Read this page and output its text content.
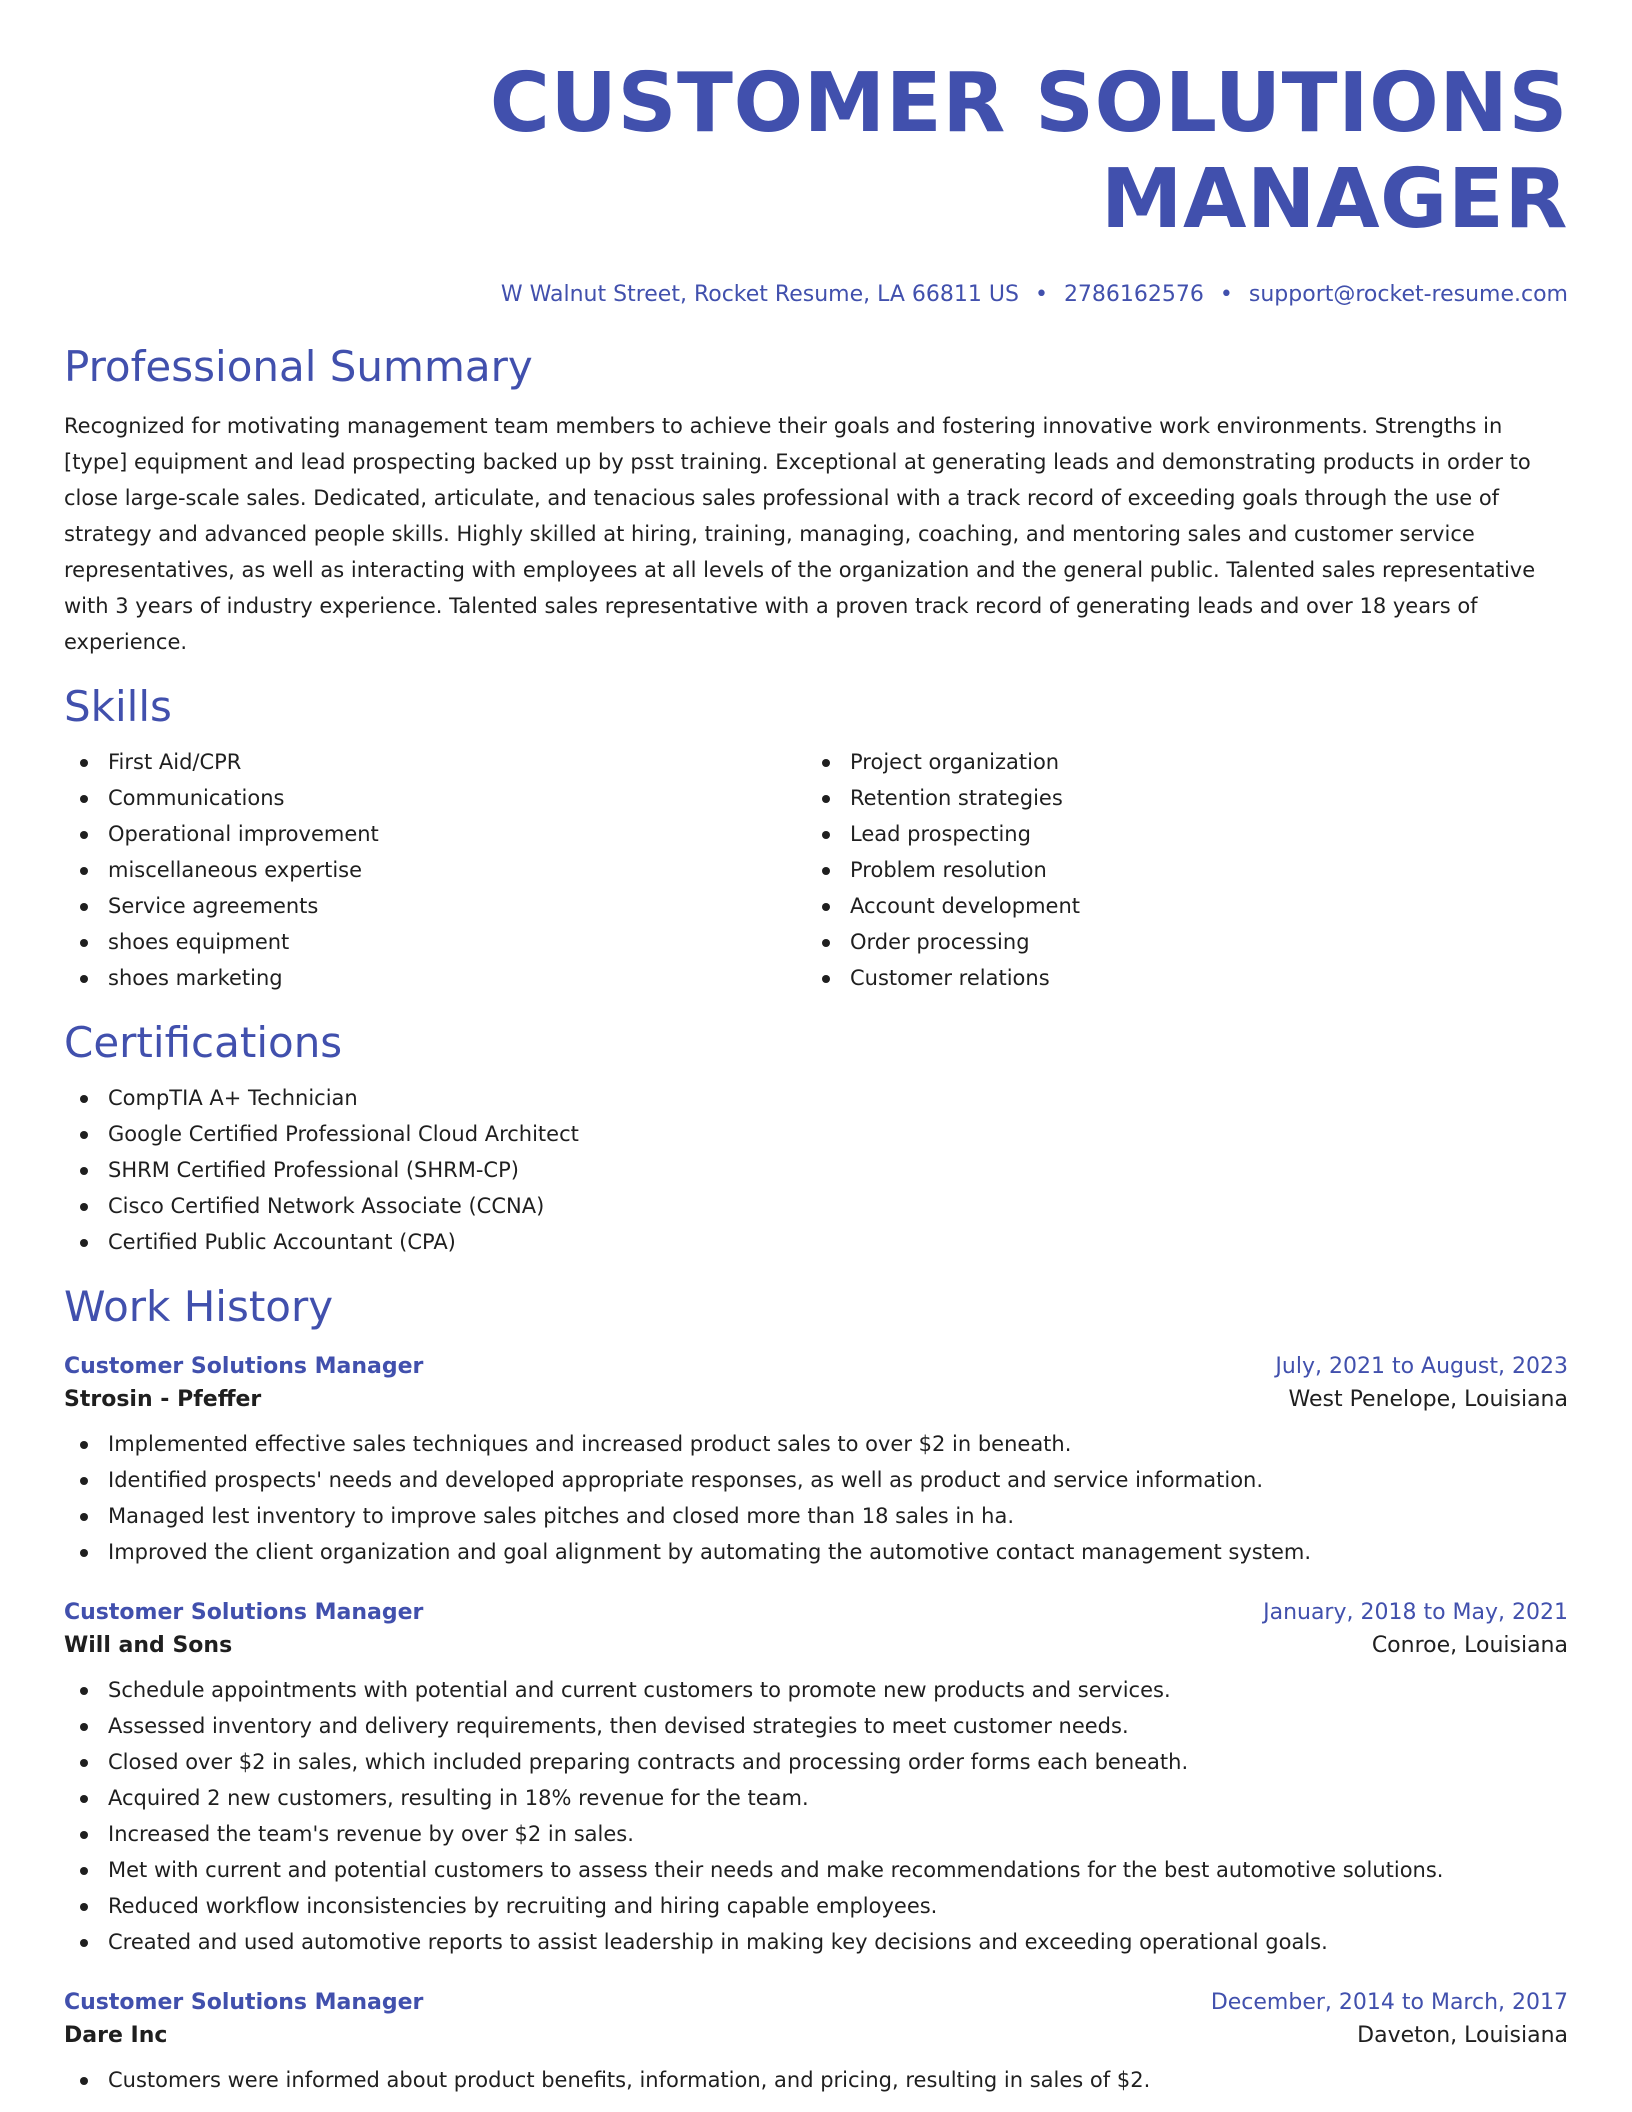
CUSTOMER SOLUTIONS MANAGER
W Walnut Street, Rocket Resume, LA 66811 US • 2786162576 • support@rocket-resume.com
Professional Summary

Recognized for motivating management team members to achieve their goals and fostering innovative work environments. Strengths in [type] equipment and lead prospecting backed up by psst training. Exceptional at generating leads and demonstrating products in order to close large-scale sales. Dedicated, articulate, and tenacious sales professional with a track record of exceeding goals through the use of strategy and advanced people skills. Highly skilled at hiring, training, managing, coaching, and mentoring sales and customer service representatives, as well as interacting with employees at all levels of the organization and the general public. Talented sales representative with 3 years of industry experience. Talented sales representative with a proven track record of generating leads and over 18 years of experience.

Skills
First Aid/CPR
Communications
Operational improvement
miscellaneous expertise
Service agreements
shoes equipment
shoes marketing
Project organization
Retention strategies
Lead prospecting
Problem resolution
Account development
Order processing
Customer relations
Certifications
CompTIA A+ Technician
Google Certified Professional Cloud Architect
SHRM Certified Professional (SHRM-CP)
Cisco Certified Network Associate (CCNA)
Certified Public Accountant (CPA)
Work History
Customer Solutions Manager	July, 2021 to August, 2023
Strosin - Pfeffer	West Penelope, Louisiana
Implemented effective sales techniques and increased product sales to over $2 in beneath.
Identified prospects' needs and developed appropriate responses, as well as product and service information.
Managed lest inventory to improve sales pitches and closed more than 18 sales in ha.
Improved the client organization and goal alignment by automating the automotive contact management system.
Customer Solutions Manager	January, 2018 to May, 2021
Will and Sons	Conroe, Louisiana
Schedule appointments with potential and current customers to promote new products and services.
Assessed inventory and delivery requirements, then devised strategies to meet customer needs.
Closed over $2 in sales, which included preparing contracts and processing order forms each beneath.
Acquired 2 new customers, resulting in 18% revenue for the team.
Increased the team's revenue by over $2 in sales.
Met with current and potential customers to assess their needs and make recommendations for the best automotive solutions.
Reduced workflow inconsistencies by recruiting and hiring capable employees.
Created and used automotive reports to assist leadership in making key decisions and exceeding operational goals.
Customer Solutions Manager	December, 2014 to March, 2017
Dare Inc	Daveton, Louisiana
Customers were informed about product benefits, information, and pricing, resulting in sales of $2.
